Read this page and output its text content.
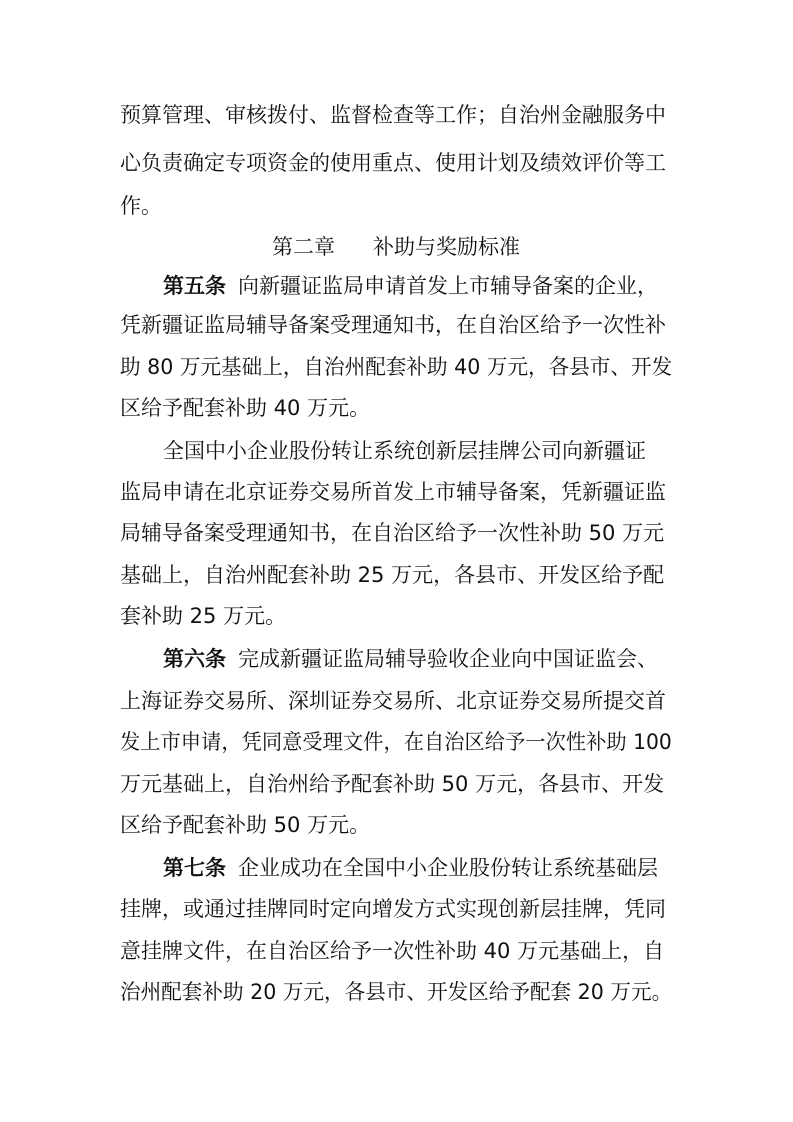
预算管理、审核拨付、监督检查等工作；自治州金融服务中
心负责确定专项资金的使用重点、使用计划及绩效评价等工
作。
第二章 补助与奖励标准
第五条 向新疆证监局申请首发上市辅导备案的企业，
凭新疆证监局辅导备案受理通知书，在自治区给予一次性补
助 80 万元基础上，自治州配套补助 40 万元，各县市、开发
区给予配套补助 40 万元。
全国中小企业股份转让系统创新层挂牌公司向新疆证
监局申请在北京证券交易所首发上市辅导备案，凭新疆证监
局辅导备案受理通知书，在自治区给予一次性补助 50 万元
基础上，自治州配套补助 25 万元，各县市、开发区给予配
套补助 25 万元。
第六条 完成新疆证监局辅导验收企业向中国证监会、
上海证券交易所、深圳证券交易所、北京证券交易所提交首
发上市申请，凭同意受理文件，在自治区给予一次性补助 100
万元基础上，自治州给予配套补助 50 万元，各县市、开发
区给予配套补助 50 万元。
第七条 企业成功在全国中小企业股份转让系统基础层
挂牌，或通过挂牌同时定向增发方式实现创新层挂牌，凭同
意挂牌文件，在自治区给予一次性补助 40 万元基础上，自
治州配套补助 20 万元，各县市、开发区给予配套 20 万元。
